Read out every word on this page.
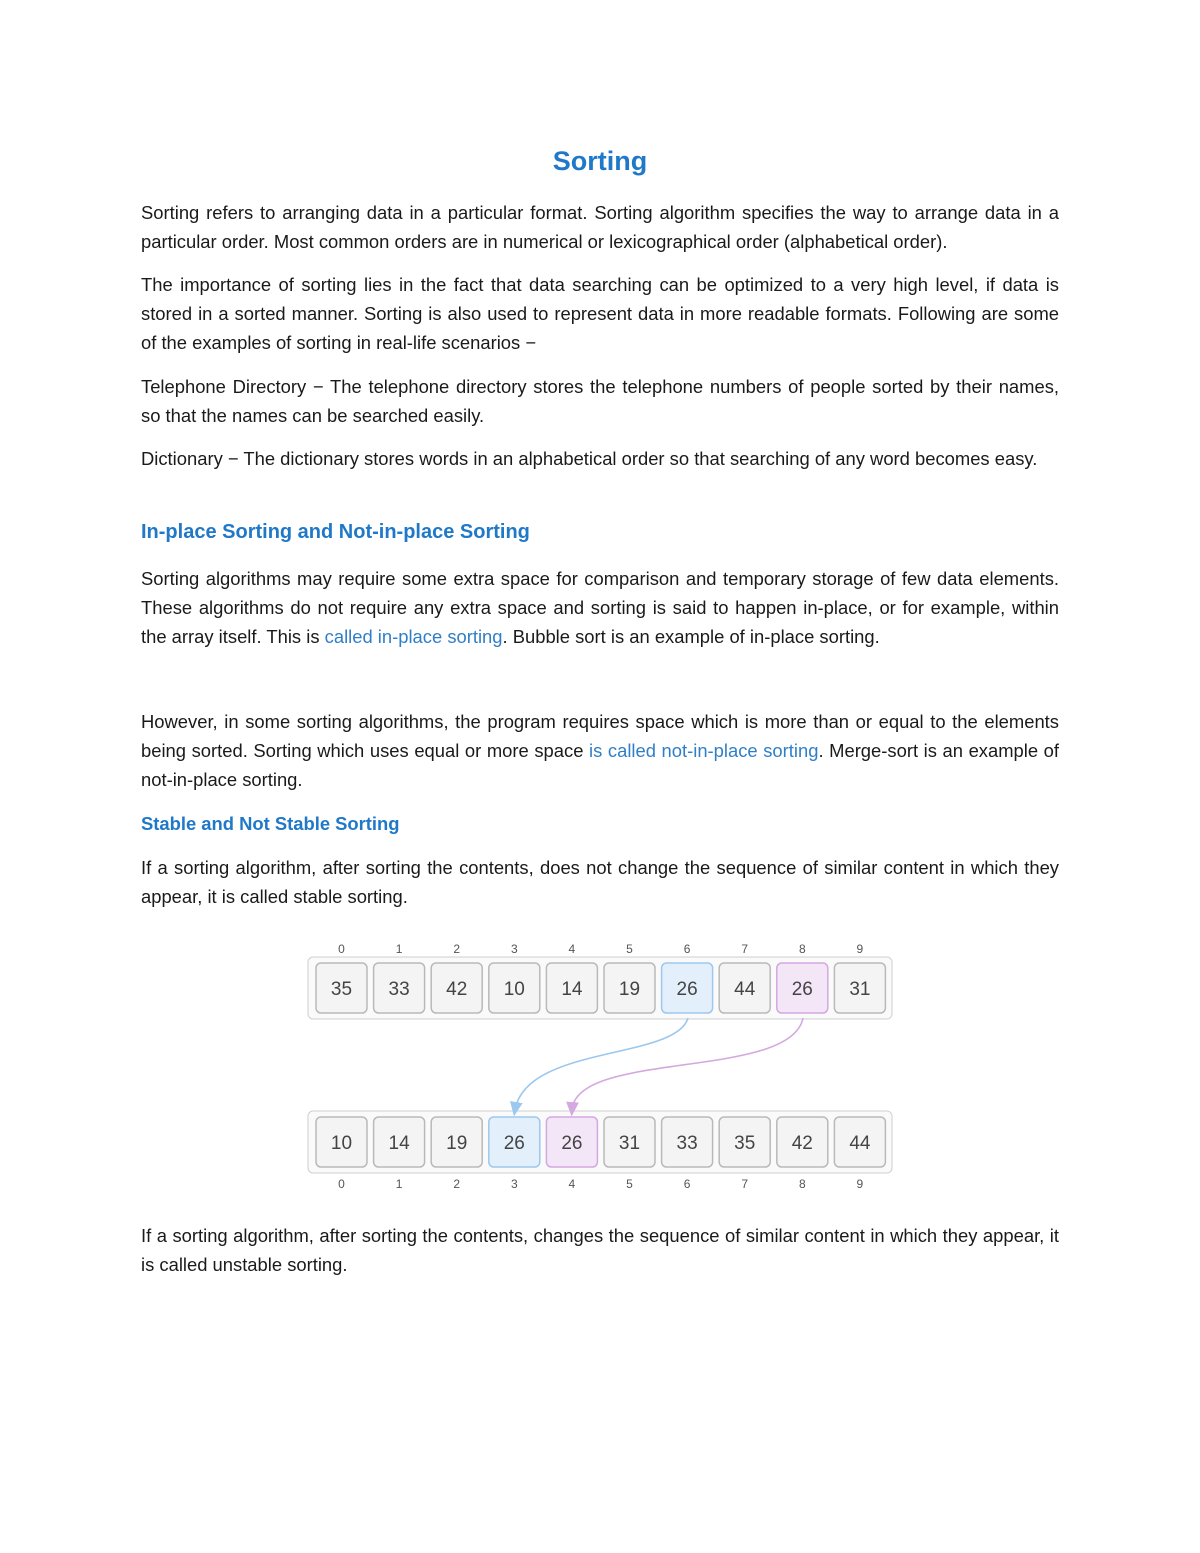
Sorting

Sorting refers to arranging data in a particular format. Sorting algorithm specifies the way to arrange data in a particular order. Most common orders are in numerical or lexicographical order (alphabetical order).

The importance of sorting lies in the fact that data searching can be optimized to a very high level, if data is stored in a sorted manner. Sorting is also used to represent data in more readable formats. Following are some of the examples of sorting in real-life scenarios −

Telephone Directory − The telephone directory stores the telephone numbers of people sorted by their names, so that the names can be searched easily.

Dictionary − The dictionary stores words in an alphabetical order so that searching of any word becomes easy.

In-place Sorting and Not-in-place Sorting

Sorting algorithms may require some extra space for comparison and temporary storage of few data elements. These algorithms do not require any extra space and sorting is said to happen in-place, or for example, within the array itself. This is called in-place sorting. Bubble sort is an example of in-place sorting.

However, in some sorting algorithms, the program requires space which is more than or equal to the elements being sorted. Sorting which uses equal or more space is called not-in-place sorting. Merge-sort is an example of not-in-place sorting.

Stable and Not Stable Sorting

If a sorting algorithm, after sorting the contents, does not change the sequence of similar content in which they appear, it is called stable sorting.

0	1	2	3	4	5	6	7	8	9
35 33 42 10 14 19 26 44 26 31
10 14 19 26 26 31 33 35 42 44
0	1	2	3	4	5	6	7	8	9

If a sorting algorithm, after sorting the contents, changes the sequence of similar content in which they appear, it is called unstable sorting.
